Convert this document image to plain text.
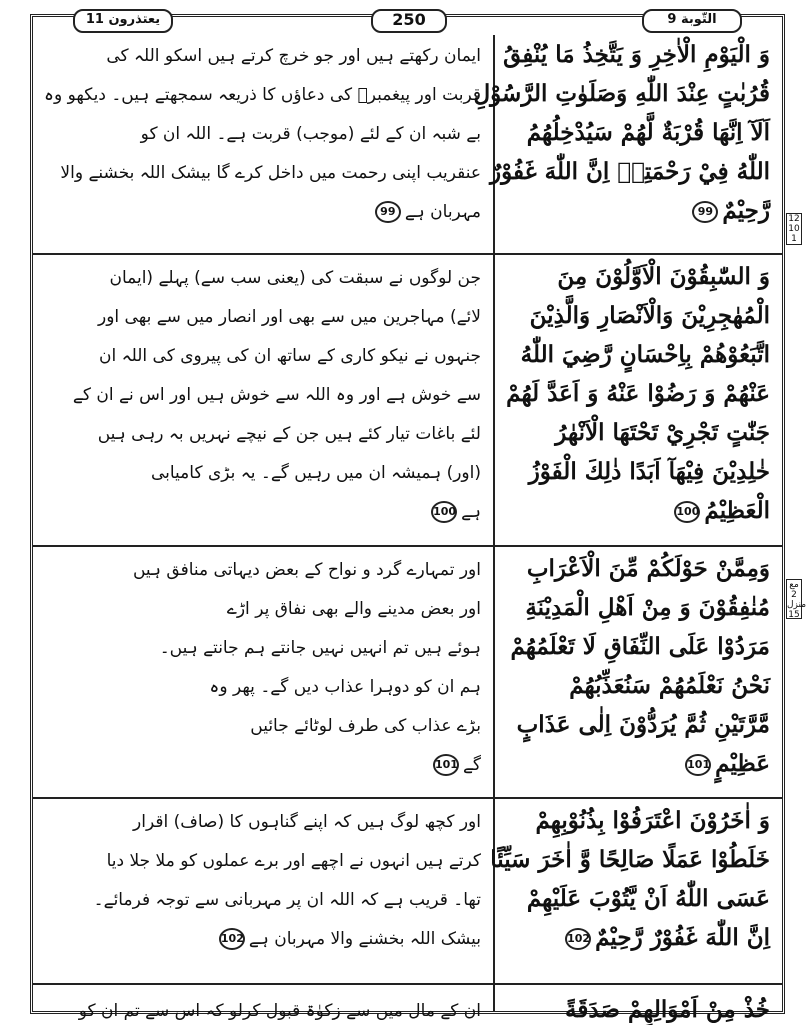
يعتذرون 11	250	التّوبة 9
وَ الْيَوْمِ الْاٰخِرِ وَ يَتَّخِذُ مَا يُنْفِقُ
قُرُبٰتٍ عِنْدَ اللّٰهِ وَصَلَوٰتِ الرَّسُوْلِ
اَلَآ اِنَّهَا قُرْبَةٌ لَّهُمْ سَيُدْخِلُهُمُ
اللّٰهُ فِيْ رَحْمَتِهٖ اِنَّ اللّٰهَ غَفُوْرٌ
رَّحِيْمٌ99
وَ السّٰبِقُوْنَ الْاَوَّلُوْنَ مِنَ
الْمُهٰجِرِيْنَ وَالْاَنْصَارِ وَالَّذِيْنَ
اتَّبَعُوْهُمْ بِاِحْسَانٍ رَّضِيَ اللّٰهُ
عَنْهُمْ وَ رَضُوْا عَنْهُ وَ اَعَدَّ لَهُمْ
جَنّٰتٍ تَجْرِيْ تَحْتَهَا الْاَنْهٰرُ
خٰلِدِيْنَ فِيْهَآ اَبَدًا ذٰلِكَ الْفَوْزُ
الْعَظِيْمُ100
وَمِمَّنْ حَوْلَكُمْ مِّنَ الْاَعْرَابِ
مُنٰفِقُوْنَ وَ مِنْ اَهْلِ الْمَدِيْنَةِ
مَرَدُوْا عَلَى النِّفَاقِ لَا تَعْلَمُهُمْ
نَحْنُ نَعْلَمُهُمْ سَنُعَذِّبُهُمْ
مَّرَّتَيْنِ ثُمَّ يُرَدُّوْنَ اِلٰى عَذَابٍ
عَظِيْمٍ101
وَ اٰخَرُوْنَ اعْتَرَفُوْا بِذُنُوْبِهِمْ
خَلَطُوْا عَمَلًا صَالِحًا وَّ اٰخَرَ سَيِّئًا
عَسَى اللّٰهُ اَنْ يَّتُوْبَ عَلَيْهِمْ
اِنَّ اللّٰهَ غَفُوْرٌ رَّحِيْمٌ102
خُذْ مِنْ اَمْوَالِهِمْ صَدَقَةً
ایمان رکھتے ہیں اور جو خرچ کرتے ہیں اسکو اللہ کی
قربت اور پیغمبرؐ کی دعاؤں کا ذریعہ سمجھتے ہیں۔ دیکھو وہ
بے شبہ ان کے لئے (موجب) قربت ہے۔ اللہ ان کو
عنقریب اپنی رحمت میں داخل کرے گا بیشک اللہ بخشنے والا
مہربان ہے99
جن لوگوں نے سبقت کی (یعنی سب سے) پہلے (ایمان
لائے) مہاجرین میں سے بھی اور انصار میں سے بھی اور
جنہوں نے نیکو کاری کے ساتھ ان کی پیروی کی اللہ ان
سے خوش ہے اور وہ اللہ سے خوش ہیں اور اس نے ان کے
لئے باغات تیار کئے ہیں جن کے نیچے نہریں بہ رہی ہیں
(اور) ہمیشہ ان میں رہیں گے۔ یہ بڑی کامیابی
ہے100
اور تمہارے گرد و نواح کے بعض دیہاتی منافق ہیں
اور بعض مدینے والے بھی نفاق پر اڑے
ہوئے ہیں تم انہیں نہیں جانتے ہم جانتے ہیں۔
ہم ان کو دوہرا عذاب دیں گے۔ پھر وہ
بڑے عذاب کی طرف لوٹائے جائیں
گے101
اور کچھ لوگ ہیں کہ اپنے گناہوں کا (صاف) اقرار
کرتے ہیں انہوں نے اچھے اور برے عملوں کو ملا جلا دیا
تھا۔ قریب ہے کہ اللہ ان پر مہربانی سے توجہ فرمائے۔
بیشک اللہ بخشنے والا مہربان ہے102
ان کے مال میں سے زکوٰۃ قبول کرلو کہ اس سے تم ان کو
12 10 1
مع 2 منزل 15
